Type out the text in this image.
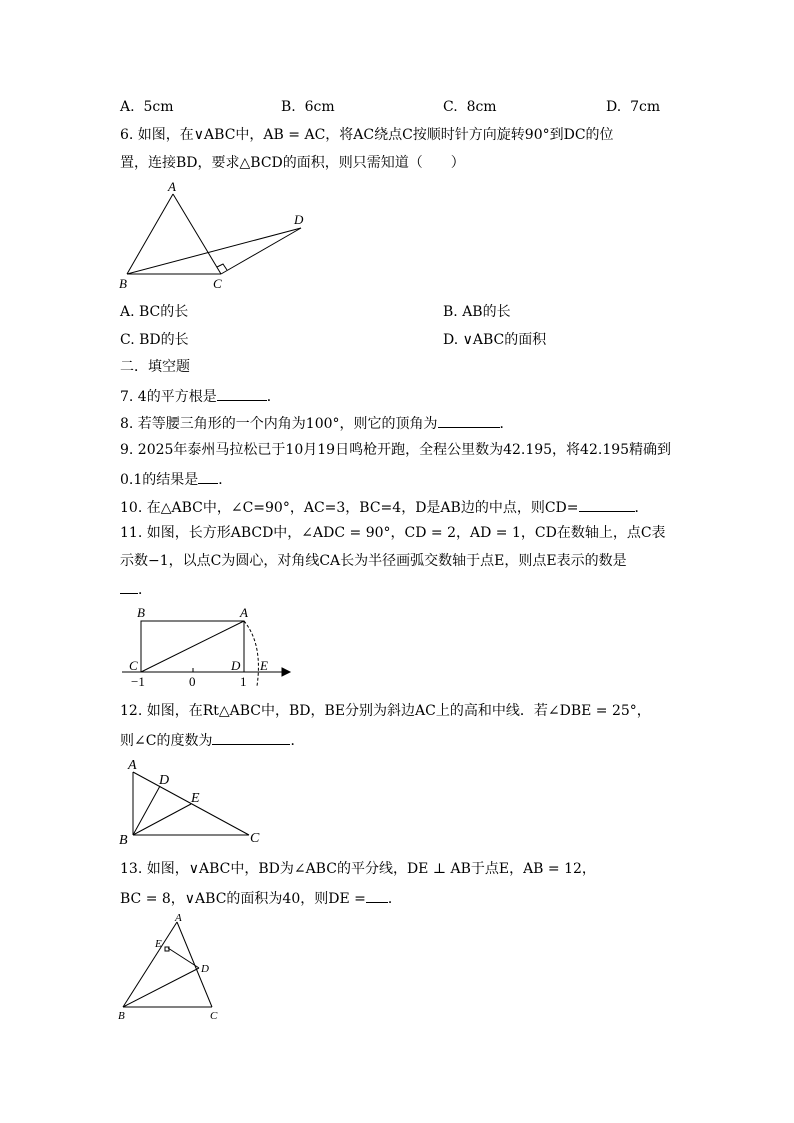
A.  5cm	B.  6cm	C.  8cm	D.  7cm
6. 如图，在∨ABC中，AB = AC，将AC绕点C按顺时针方向旋转90°到DC的位
置，连接BD，要求△BCD的面积，则只需知道（　　）
A
B	C
D
A. BC的长	B. AB的长
C. BD的长	D. ∨ABC的面积
二．填空题
7. 4的平方根是	．
8. 若等腰三角形的一个内角为100°，则它的顶角为	．
9. 2025年泰州马拉松已于10月19日鸣枪开跑，全程公里数为42.195，将42.195精确到
0.1的结果是 ．
10. 在△ABC中，∠C=90°，AC=3，BC=4，D是AB边的中点，则CD=	．
11. 如图，长方形ABCD中，∠ADC = 90°，CD = 2，AD = 1，CD在数轴上，点C表
示数−1，以点C为圆心，对角线CA长为半径画弧交数轴于点E，则点E表示的数是
．
B	A
C	D E
−1	0	1
12. 如图，在Rt△ABC中，BD，BE分别为斜边AC上的高和中线．若∠DBE = 25°，
则∠C的度数为	．
A
D
E
B	C
13. 如图，∨ABC中，BD为∠ABC的平分线，DE ⊥ AB于点E，AB = 12，
BC = 8，∨ABC的面积为40，则DE = ．
A
E
D
B	C
